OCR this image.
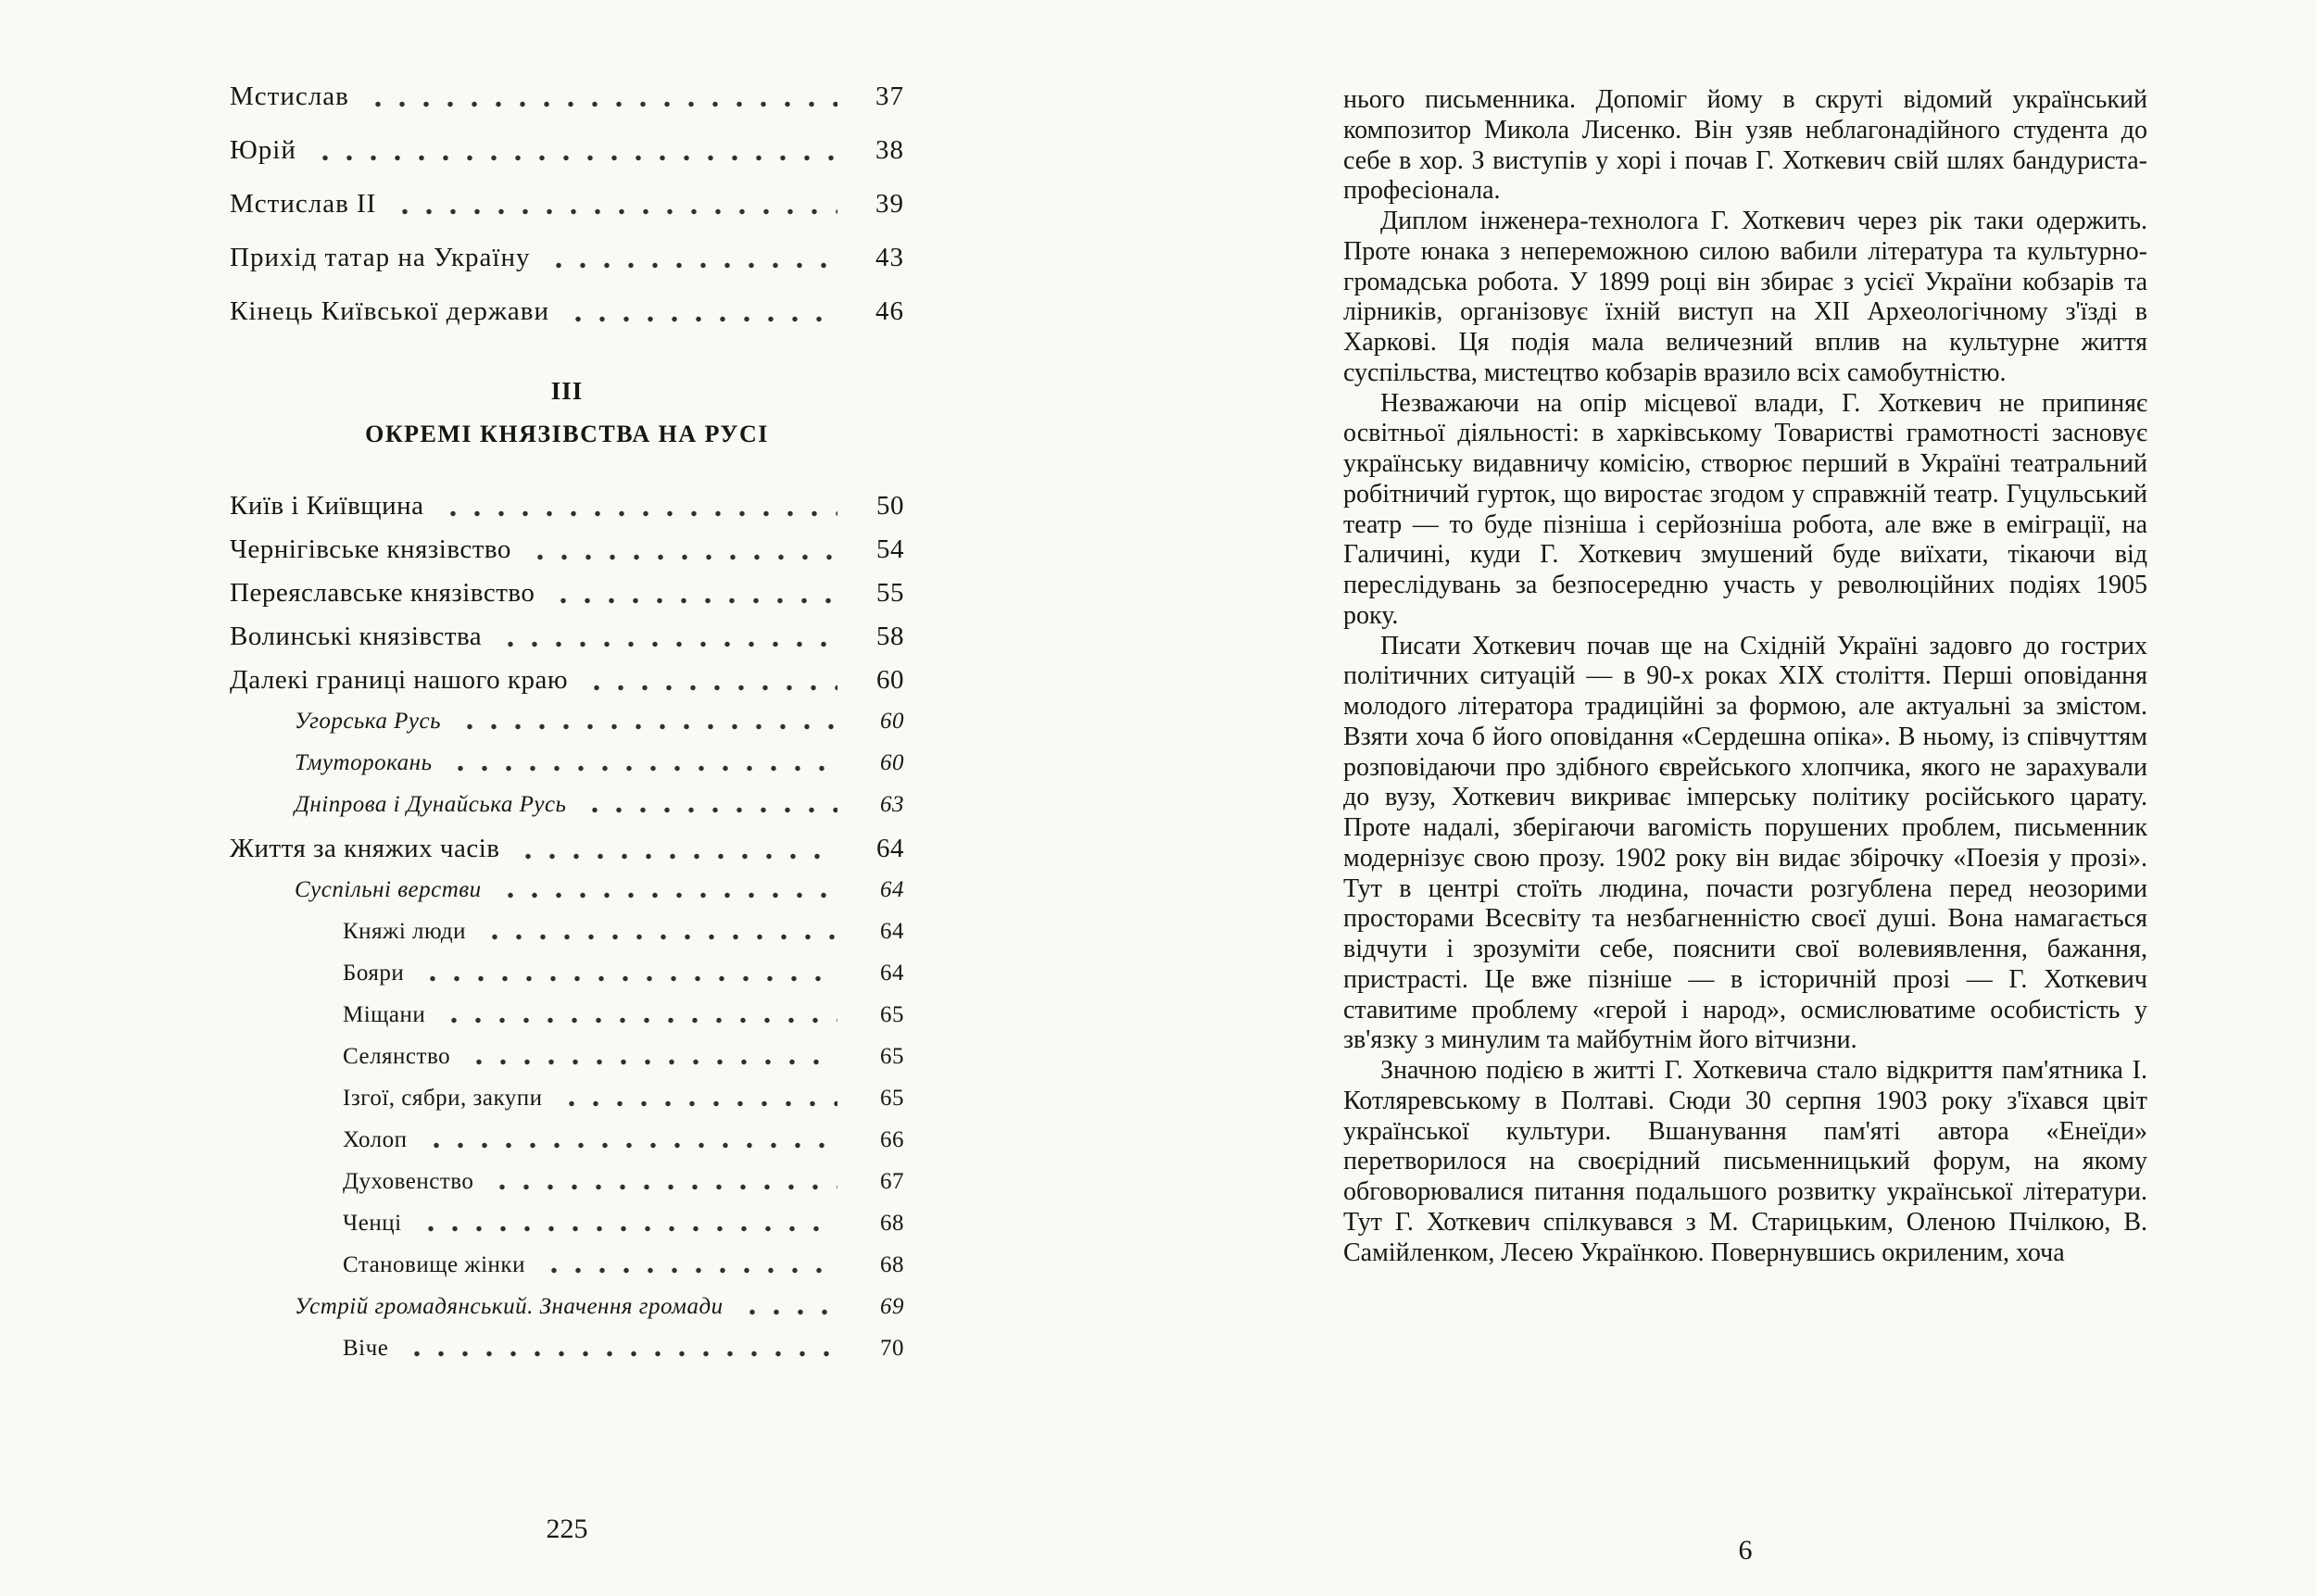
Мстислав	37
Юрій	38
Мстислав II	39
Прихід татар на Україну	43
Кінець Київської держави	46
III
ОКРЕМІ КНЯЗІВСТВА НА РУСІ
Київ і Київщина	50
Чернігівське князівство	54
Переяславське князівство	55
Волинські князівства	58
Далекі границі нашого краю	60
Угорська Русь	60
Тмуторокань	60
Дніпрова і Дунайська Русь	63
Життя за княжих часів	64
Суспільні верстви	64
Княжі люди	64
Бояри	64
Міщани	65
Селянство	65
Ізгої, сябри, закупи	65
Холоп	66
Духовенство	67
Ченці	68
Становище жінки	68
Устрій громадянський. Значення громади	69
Віче	70
225

нього письменника. Допоміг йому в скруті відомий український композитор Микола Лисенко. Він узяв неблагонадійного студента до себе в хор. З виступів у хорі і почав Г. Хоткевич свій шлях бандуриста-професіонала.

Диплом інженера-технолога Г. Хоткевич через рік таки одержить. Проте юнака з непереможною силою вабили література та культурно-громадська робота. У 1899 році він збирає з усієї України кобзарів та лірників, організовує їхній виступ на XII Археологічному з'їзді в Харкові. Ця подія мала величезний вплив на культурне життя суспільства, мистецтво кобзарів вразило всіх самобутністю.

Незважаючи на опір місцевої влади, Г. Хоткевич не припиняє освітньої діяльності: в харківському Товаристві грамотності засновує українську видавничу комісію, створює перший в Україні театральний робітничий гурток, що виростає згодом у справжній театр. Гуцульський театр — то буде пізніша і серйозніша робота, але вже в еміграції, на Галичині, куди Г. Хоткевич змушений буде виїхати, тікаючи від переслідувань за безпосередню участь у революційних подіях 1905 року.

Писати Хоткевич почав ще на Східній Україні задовго до гострих політичних ситуацій — в 90-х роках XIX століття. Перші оповідання молодого літератора традиційні за формою, але актуальні за змістом. Взяти хоча б його оповідання «Сердешна опіка». В ньому, із співчуттям розповідаючи про здібного єврейського хлопчика, якого не зарахували до вузу, Хоткевич викриває імперську політику російського царату. Проте надалі, зберігаючи вагомість порушених проблем, письменник модернізує свою прозу. 1902 року він видає збірочку «Поезія у прозі». Тут в центрі стоїть людина, почасти розгублена перед неозорими просторами Всесвіту та незбагненністю своєї душі. Вона намагається відчути і зрозуміти себе, пояснити свої волевиявлення, бажання, пристрасті. Це вже пізніше — в історичній прозі — Г. Хоткевич ставитиме проблему «герой і народ», осмислюватиме особистість у зв'язку з минулим та майбутнім його вітчизни.

Значною подією в житті Г. Хоткевича стало відкриття пам'ятника І. Котляревському в Полтаві. Сюди 30 серпня 1903 року з'їхався цвіт української культури. Вшанування пам'яті автора «Енеїди» перетворилося на своєрідний письменницький форум, на якому обговорювалися питання подальшого розвитку української літератури. Тут Г. Хоткевич спілкувався з М. Старицьким, Оленою Пчілкою, В. Самійленком, Лесею Українкою. Повернувшись окриленим, хоча

6
